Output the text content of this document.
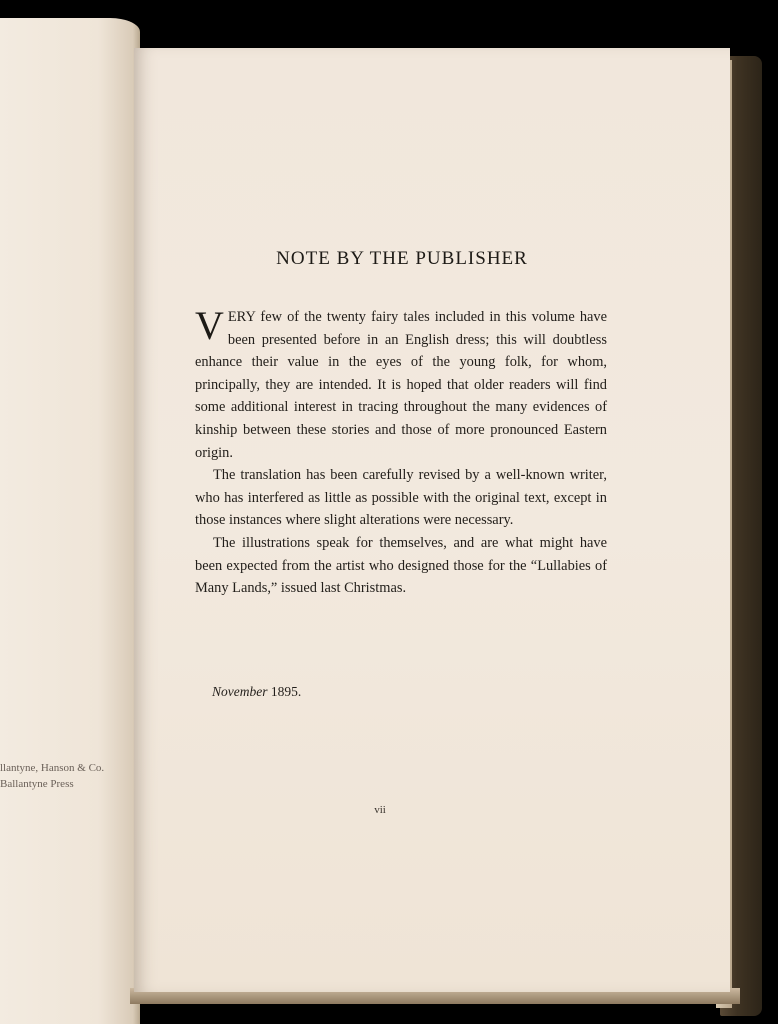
llantyne, Hanson & Co.
Ballantyne Press
NOTE BY THE PUBLISHER

VERY few of the twenty fairy tales included in this volume have been presented before in an English dress; this will doubtless enhance their value in the eyes of the young folk, for whom, principally, they are intended. It is hoped that older readers will find some additional interest in tracing throughout the many evidences of kinship between these stories and those of more pronounced Eastern origin.

The translation has been carefully revised by a well-known writer, who has interfered as little as possible with the original text, except in those instances where slight alterations were necessary.

The illustrations speak for themselves, and are what might have been expected from the artist who designed those for the “Lullabies of Many Lands,” issued last Christmas.

November 1895.
vii
